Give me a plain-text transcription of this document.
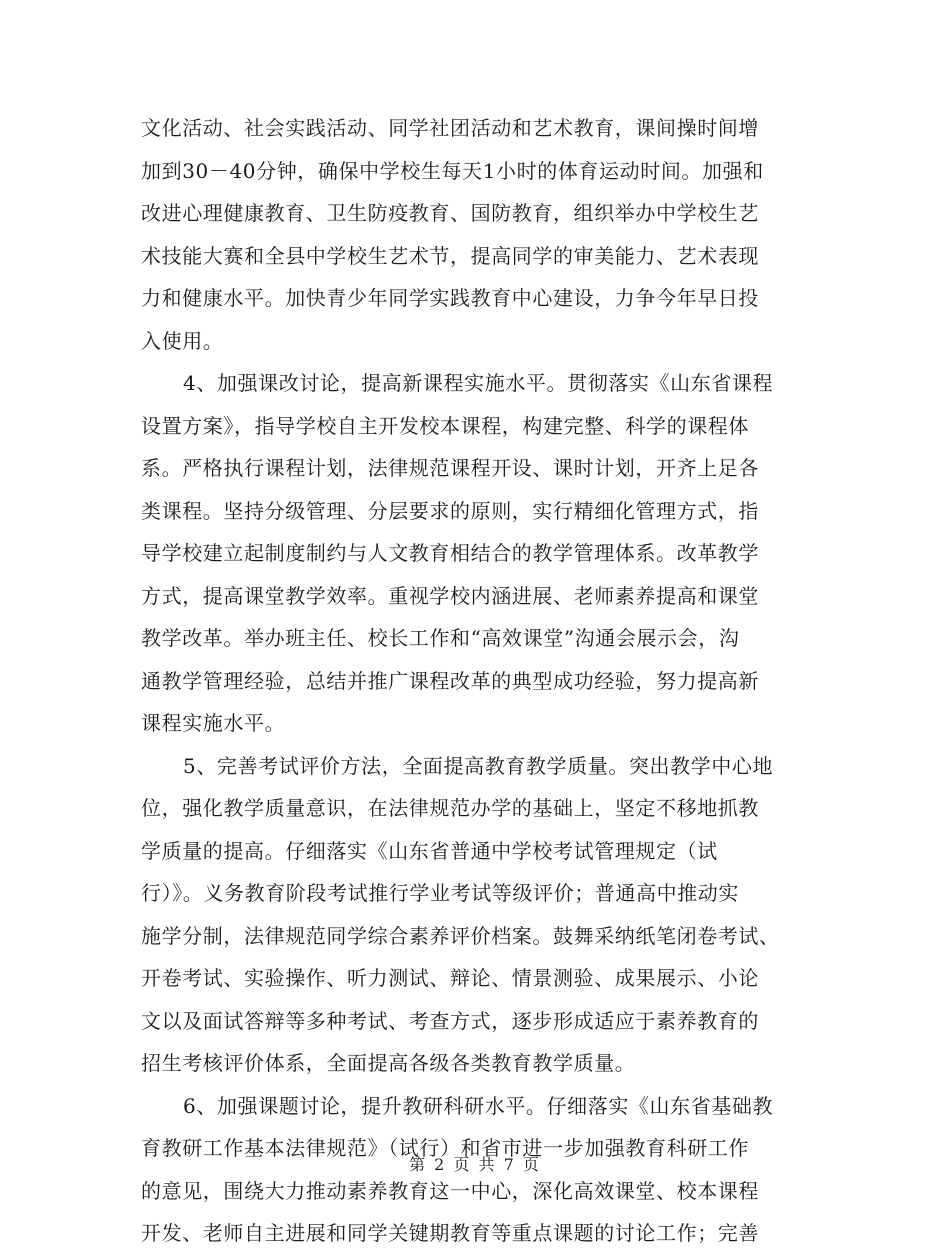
文化活动、社会实践活动、同学社团活动和艺术教育，课间操时间增
加到30－40分钟，确保中学校生每天1小时的体育运动时间。加强和
改进心理健康教育、卫生防疫教育、国防教育，组织举办中学校生艺
术技能大赛和全县中学校生艺术节，提高同学的审美能力、艺术表现
力和健康水平。加快青少年同学实践教育中心建设，力争今年早日投
入使用。

4、加强课改讨论，提高新课程实施水平。贯彻落实《山东省课程
设置方案》，指导学校自主开发校本课程，构建完整、科学的课程体
系。严格执行课程计划，法律规范课程开设、课时计划，开齐上足各
类课程。坚持分级管理、分层要求的原则，实行精细化管理方式，指
导学校建立起制度制约与人文教育相结合的教学管理体系。改革教学
方式，提高课堂教学效率。重视学校内涵进展、老师素养提高和课堂
教学改革。举办班主任、校长工作和“高效课堂”沟通会展示会，沟
通教学管理经验，总结并推广课程改革的典型成功经验，努力提高新
课程实施水平。

5、完善考试评价方法，全面提高教育教学质量。突出教学中心地
位，强化教学质量意识，在法律规范办学的基础上，坚定不移地抓教
学质量的提高。仔细落实《山东省普通中学校考试管理规定（试
行）》。义务教育阶段考试推行学业考试等级评价；普通高中推动实
施学分制，法律规范同学综合素养评价档案。鼓舞采纳纸笔闭卷考试、
开卷考试、实验操作、听力测试、辩论、情景测验、成果展示、小论
文以及面试答辩等多种考试、考查方式，逐步形成适应于素养教育的
招生考核评价体系，全面提高各级各类教育教学质量。

6、加强课题讨论，提升教研科研水平。仔细落实《山东省基础教
育教研工作基本法律规范》（试行）和省市进一步加强教育科研工作
的意见，围绕大力推动素养教育这一中心，深化高效课堂、校本课程
开发、老师自主进展和同学关键期教育等重点课题的讨论工作；完善

第 2 页 共 7 页
